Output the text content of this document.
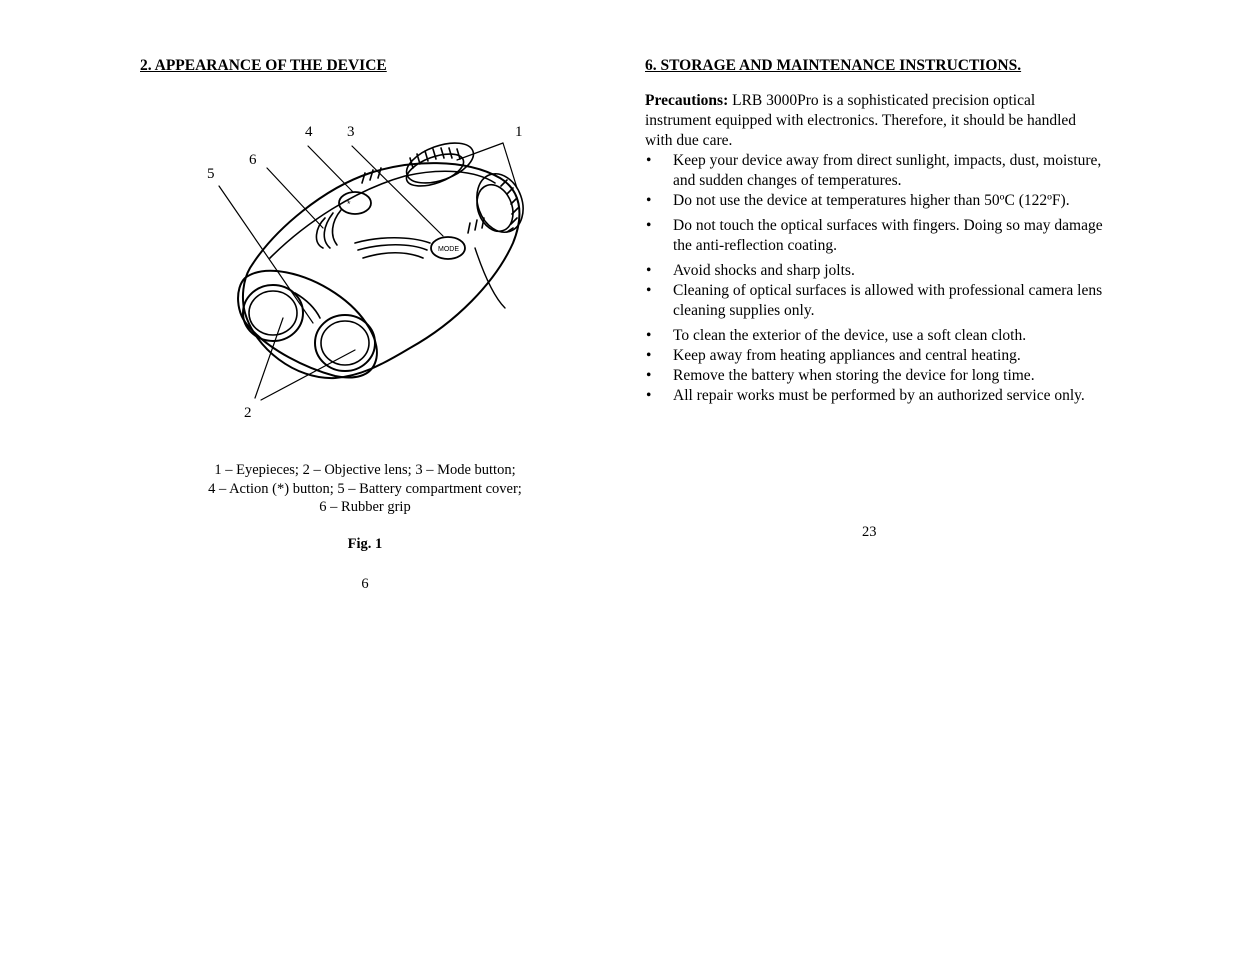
2. APPEARANCE OF THE DEVICE
*
MODE
4 3	1
6
5
2
1 – Eyepieces; 2 – Objective lens; 3 – Mode button;
4 – Action (*) button; 5 – Battery compartment cover;
6 – Rubber grip
Fig. 1
6
6. STORAGE AND MAINTENANCE INSTRUCTIONS.
Precautions: LRB 3000Pro is a sophisticated precision optical instrument equipped with electronics. Therefore, it should be handled with due care.
• Keep your device away from direct sunlight, impacts, dust, moisture, and sudden changes of temperatures.
• Do not use the device at temperatures higher than 50ºC (122ºF).
• Do not touch the optical surfaces with fingers. Doing so may damage the anti-reflection coating.
• Avoid shocks and sharp jolts.
• Cleaning of optical surfaces is allowed with professional camera lens cleaning supplies only.
• To clean the exterior of the device, use a soft clean cloth.
• Keep away from heating appliances and central heating.
• Remove the battery when storing the device for long time.
• All repair works must be performed by an authorized service only.
23
